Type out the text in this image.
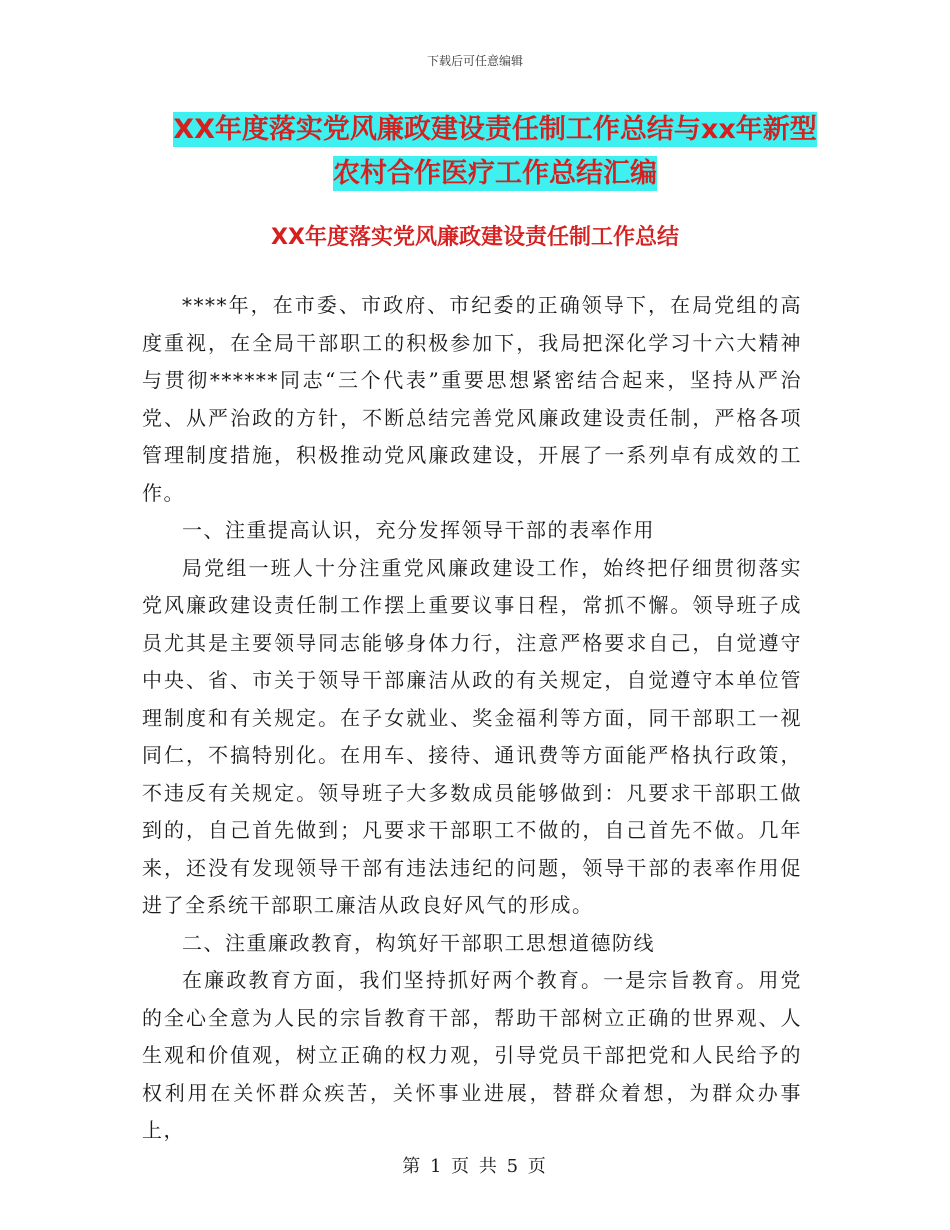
下载后可任意编辑
XX年度落实党风廉政建设责任制工作总结与xx年新型
农村合作医疗工作总结汇编
XX年度落实党风廉政建设责任制工作总结

****年，在市委、市政府、市纪委的正确领导下，在局党组的高度重视，在全局干部职工的积极参加下，我局把深化学习十六大精神与贯彻******同志“三个代表”重要思想紧密结合起来，坚持从严治党、从严治政的方针，不断总结完善党风廉政建设责任制，严格各项管理制度措施，积极推动党风廉政建设，开展了一系列卓有成效的工作。

一、注重提高认识，充分发挥领导干部的表率作用

局党组一班人十分注重党风廉政建设工作，始终把仔细贯彻落实党风廉政建设责任制工作摆上重要议事日程，常抓不懈。领导班子成员尤其是主要领导同志能够身体力行，注意严格要求自己，自觉遵守中央、省、市关于领导干部廉洁从政的有关规定，自觉遵守本单位管理制度和有关规定。在子女就业、奖金福利等方面，同干部职工一视同仁，不搞特别化。在用车、接待、通讯费等方面能严格执行政策，不违反有关规定。领导班子大多数成员能够做到：凡要求干部职工做到的，自己首先做到；凡要求干部职工不做的，自己首先不做。几年来，还没有发现领导干部有违法违纪的问题，领导干部的表率作用促进了全系统干部职工廉洁从政良好风气的形成。

二、注重廉政教育，构筑好干部职工思想道德防线

在廉政教育方面，我们坚持抓好两个教育。一是宗旨教育。用党的全心全意为人民的宗旨教育干部，帮助干部树立正确的世界观、人生观和价值观，树立正确的权力观，引导党员干部把党和人民给予的权利用在关怀群众疾苦，关怀事业进展，替群众着想，为群众办事上，

第 1 页 共 5 页
